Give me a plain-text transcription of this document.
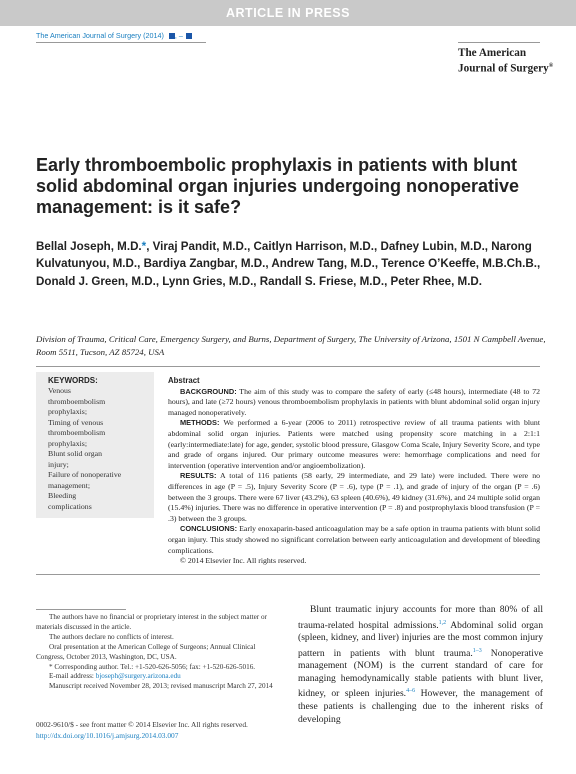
ARTICLE IN PRESS
The American Journal of Surgery (2014) , –
The American
Journal of Surgery®
Early thromboembolic prophylaxis in patients with blunt solid abdominal organ injuries undergoing nonoperative management: is it safe?

Bellal Joseph, M.D.*, Viraj Pandit, M.D., Caitlyn Harrison, M.D., Dafney Lubin, M.D., Narong Kulvatunyou, M.D., Bardiya Zangbar, M.D., Andrew Tang, M.D., Terence O’Keeffe, M.B.Ch.B., Donald J. Green, M.D., Lynn Gries, M.D., Randall S. Friese, M.D., Peter Rhee, M.D.

Division of Trauma, Critical Care, Emergency Surgery, and Burns, Department of Surgery, The University of Arizona, 1501 N Campbell Avenue, Room 5511, Tucson, AZ 85724, USA

KEYWORDS:
Venous
thromboembolism
prophylaxis;
Timing of venous
thromboembolism
prophylaxis;
Blunt solid organ
injury;
Failure of nonoperative
management;
Bleeding
complications
Abstract

BACKGROUND: The aim of this study was to compare the safety of early (≤48 hours), intermediate (48 to 72 hours), and late (≥72 hours) venous thromboembolism prophylaxis in patients with blunt abdominal solid organ injury managed nonoperatively.

METHODS: We performed a 6-year (2006 to 2011) retrospective review of all trauma patients with blunt abdominal solid organ injuries. Patients were matched using propensity score matching in a 2:1:1 (early:intermediate:late) for age, gender, systolic blood pressure, Glasgow Coma Scale, Injury Severity Score, and type and grade of organs injured. Our primary outcome measures were: hemorrhage complications and need for intervention (operative intervention and/or angioembolization).

RESULTS: A total of 116 patients (58 early, 29 intermediate, and 29 late) were included. There were no differences in age (P = .5), Injury Severity Score (P = .6), type (P = .1), and grade of injury of the organ (P = .6) between the 3 groups. There were 67 liver (43.2%), 63 spleen (40.6%), 49 kidney (31.6%), and 24 multiple solid organ (15.4%) injuries. There was no difference in operative intervention (P = .8) and postprophylaxis blood transfusion (P = .3) between the 3 groups.

CONCLUSIONS: Early enoxaparin-based anticoagulation may be a safe option in trauma patients with blunt solid organ injury. This study showed no significant correlation between early anticoagulation and development of bleeding complications.

© 2014 Elsevier Inc. All rights reserved.

The authors have no financial or proprietary interest in the subject matter or materials discussed in the article.

The authors declare no conflicts of interest.

Oral presentation at the American College of Surgeons; Annual Clinical Congress, October 2013, Washington, DC, USA.

* Corresponding author. Tel.: +1-520-626-5056; fax: +1-520-626-5016.

E-mail address: bjoseph@surgery.arizona.edu

Manuscript received November 28, 2013; revised manuscript March 27, 2014

Blunt traumatic injury accounts for more than 80% of all trauma-related hospital admissions.$^{1,2}$ Abdominal solid organ (spleen, kidney, and liver) injuries are the most common injury pattern in patients with blunt trauma.$^{1-3}$ Nonoperative management (NOM) is the current standard of care for managing hemodynamically stable patients with blunt liver, kidney, or spleen injuries.$^{4-6}$ However, the management of these patients is challenging due to the inherent risks of developing

0002-9610/$ - see front matter © 2014 Elsevier Inc. All rights reserved.
http://dx.doi.org/10.1016/j.amjsurg.2014.03.007
